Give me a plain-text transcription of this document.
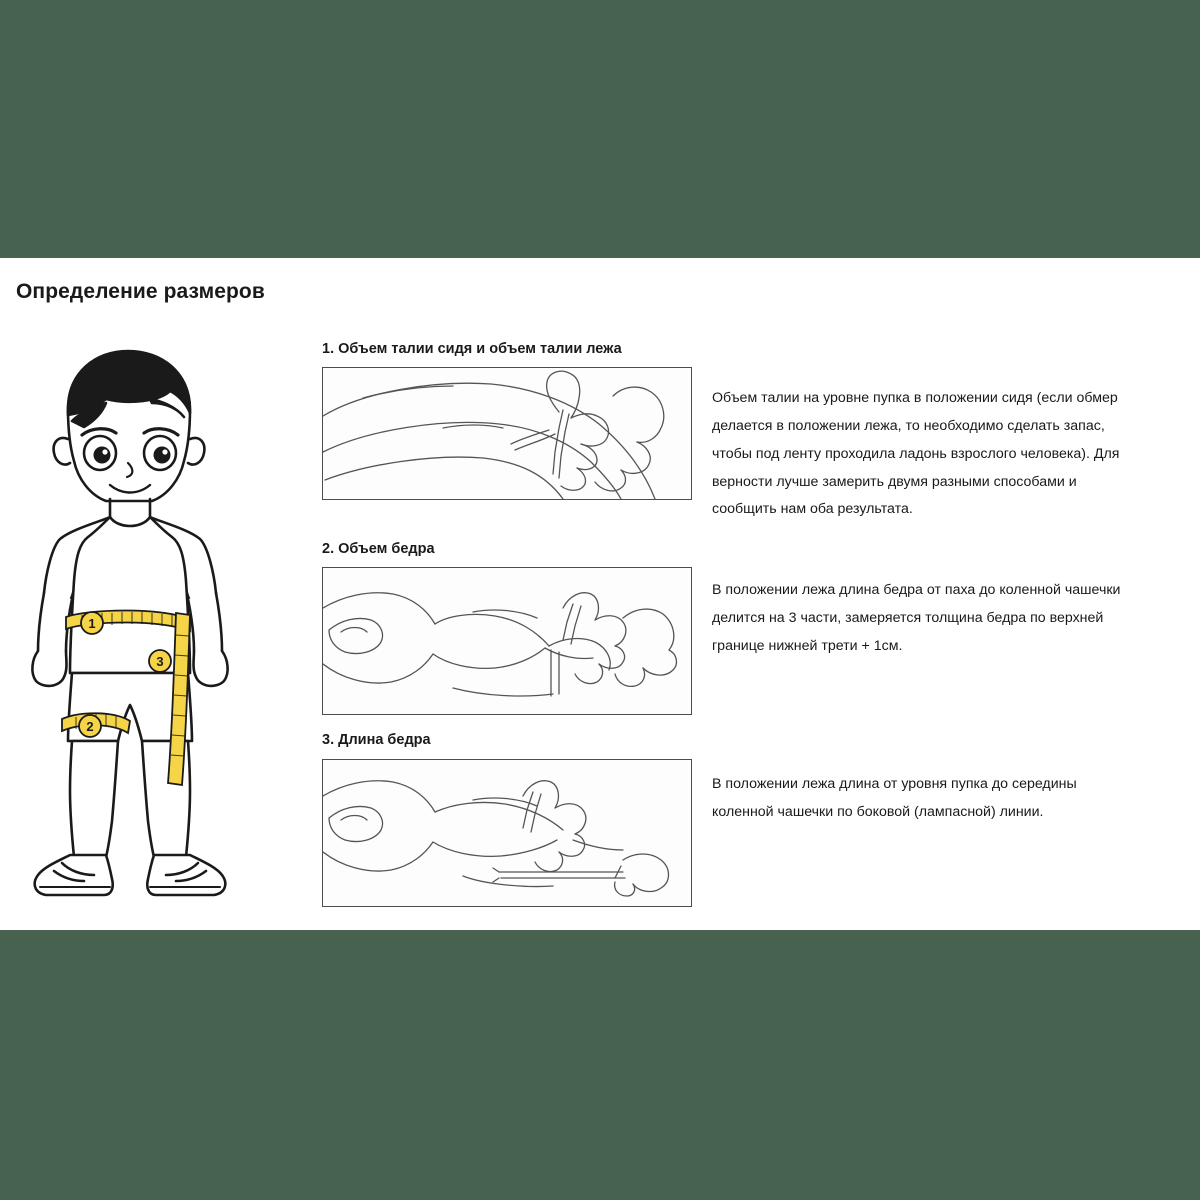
Определение размеров
1
2
3
1. Объем талии сидя и объем талии лежа
Объем талии на уровне пупка в положении сидя (если обмер делается в положении лежа, то необходимо сделать запас, чтобы под ленту проходила ладонь взрослого человека). Для верности лучше замерить двумя разными способами и сообщить нам оба результата.
2. Объем бедра
В положении лежа длина бедра от паха до коленной чашечки делится на 3 части, замеряется толщина бедра по верхней границе нижней трети + 1см.
3. Длина бедра
В положении лежа длина от уровня пупка до середины коленной чашечки по боковой (лампасной) линии.
